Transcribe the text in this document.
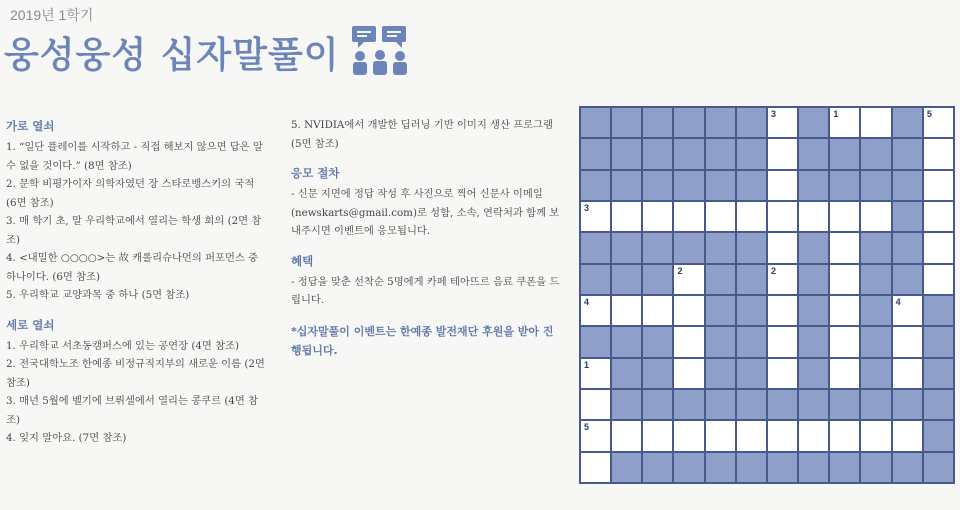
2019년 1학기
웅성웅성 십자말풀이
가로 열쇠
1. “일단 플레이를 시작하고 - 직접 해보지 않으면 답은 알 수 없을 것이다.” (8면 참조)
2. 문학 비평가이자 의학자였던 장 스타로뱅스키의 국적 (6면 참조)
3. 매 학기 초, 말 우리학교에서 열리는 학생 회의 (2면 참조)
4. <내밀한 ○○○○>는 故 캐롤리슈나먼의 퍼포먼스 중 하나이다. (6면 참조)
5. 우리학교 교양과목 중 하나 (5면 참조)
세로 열쇠
1. 우리학교 서초동캠퍼스에 있는 공연장 (4면 참조)
2. 전국대학노조 한예종 비정규직지부의 새로운 이름 (2면 참조)
3. 매년 5월에 벨기에 브뤼셀에서 열리는 콩쿠르 (4면 참조)
4. 잊지 말아요. (7면 참조)
5. NVIDIA에서 개발한 딥러닝 기반 이미지 생산 프로그램 (5면 참조)
응모 절차
- 신문 지면에 정답 작성 후 사진으로 찍어 신문사 이메일(newskarts@gmail.com)로 성함, 소속, 연락처과 함께 보내주시면 이벤트에 응모됩니다.
혜택
- 정답을 맞춘 선착순 5명에게 카페 테아뜨르 음료 쿠폰을 드립니다.
*십자말풀이 이벤트는 한예종 발전재단 후원을 받아 진행됩니다.
3	1	5
3
2	2
4	4
1
5
